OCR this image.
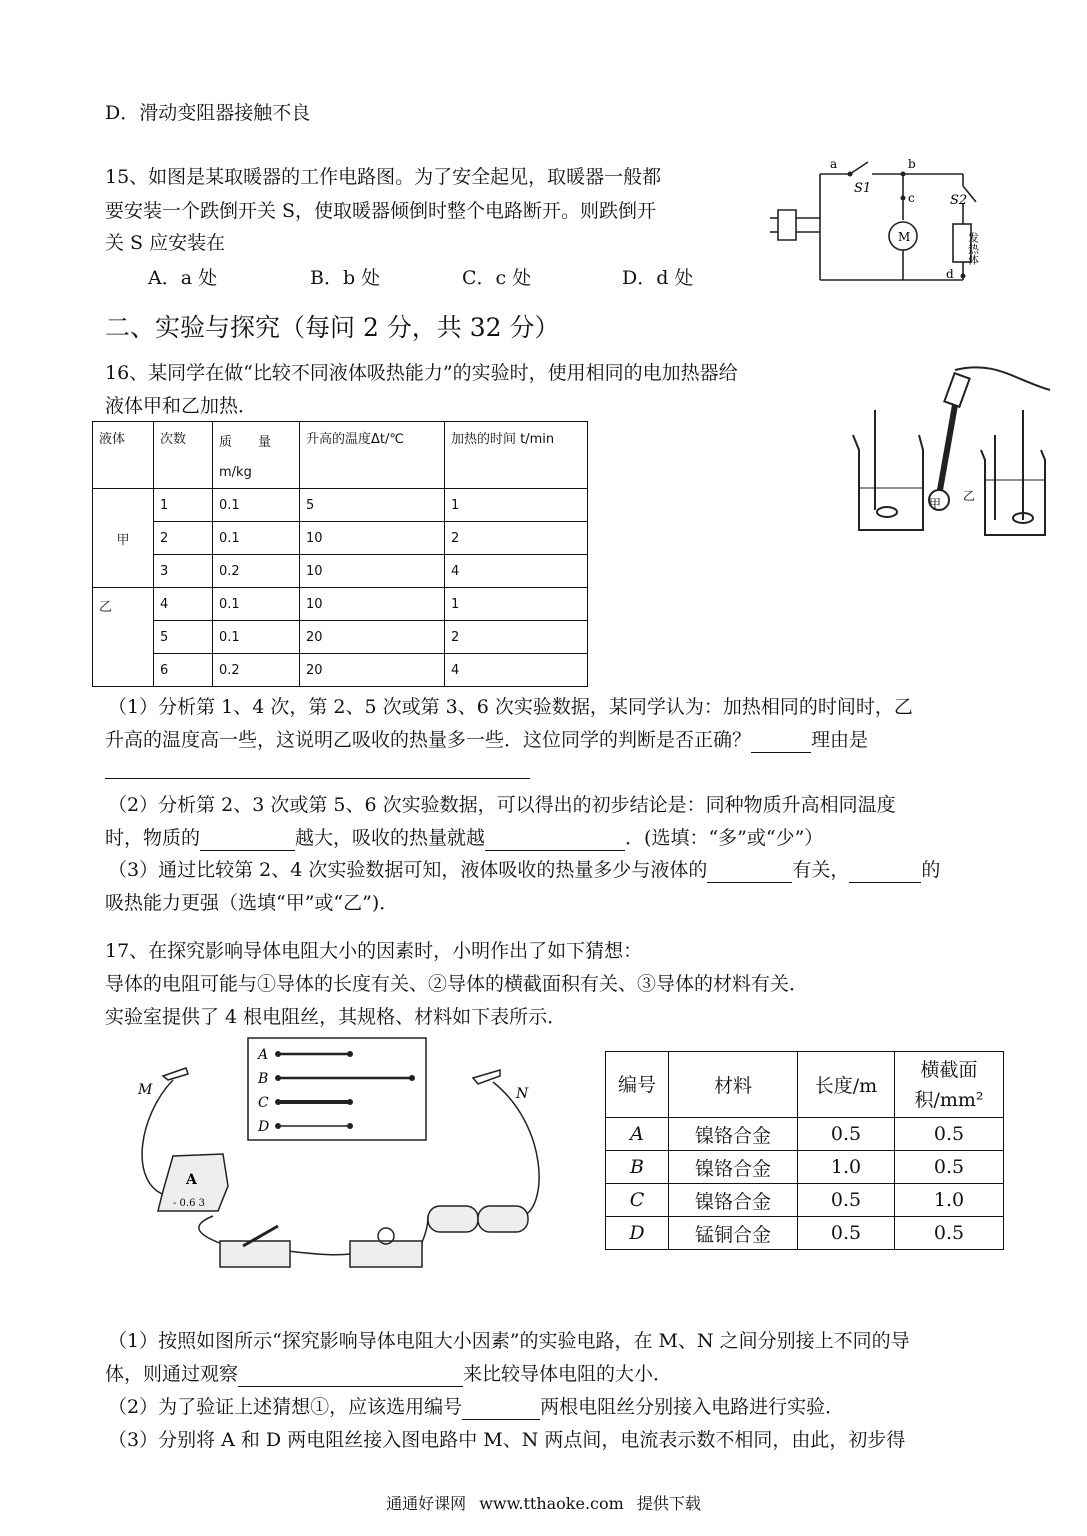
D．滑动变阻器接触不良
15、如图是某取暖器的工作电路图。为了安全起见，取暖器一般都
要安装一个跌倒开关 S，使取暖器倾倒时整个电路断开。则跌倒开
关 S 应安装在
A．a 处	B．b 处	C．c 处	D．d 处
a	b
c
d
S1
S2
M	发热体
二、实验与探究（每问 2 分，共 32 分）
16、某同学在做“比较不同液体吸热能力”的实验时，使用相同的电加热器给
液体甲和乙加热．
甲
乙
液体	次数	质　　量
m/kg	升高的温度Δt/℃	加热的时间 t/min
甲	1	0.1	5	1
	2	0.1	10	2
	3	0.2	10	4
乙	4	0.1	10	1
	5	0.1	20	2
	6	0.2	20	4
（1）分析第 1、4 次，第 2、5 次或第 3、6 次实验数据，某同学认为：加热相同的时间时，乙
升高的温度高一些，这说明乙吸收的热量多一些．这位同学的判断是否正确？	理由是
（2）分析第 2、3 次或第 5、6 次实验数据，可以得出的初步结论是：同种物质升高相同温度
时，物质的	越大，吸收的热量就越	．(选填：“多”或“少”）
（3）通过比较第 2、4 次实验数据可知，液体吸收的热量多少与液体的	有关，	的
吸热能力更强（选填“甲”或“乙”)．
17、在探究影响导体电阻大小的因素时，小明作出了如下猜想：
导体的电阻可能与①导体的长度有关、②导体的横截面积有关、③导体的材料有关．
实验室提供了 4 根电阻丝，其规格、材料如下表所示．
A
B
C
D
M	N
A
- 0.6 3
编号	材料	长度/m	横截面积/mm²
A	镍铬合金	0.5	0.5
B	镍铬合金	1.0	0.5
C	镍铬合金	0.5	1.0
D	锰铜合金	0.5	0.5
（1）按照如图所示“探究影响导体电阻大小因素”的实验电路，在 M、N 之间分别接上不同的导
体，则通过观察	来比较导体电阻的大小．
（2）为了验证上述猜想①，应该选用编号	两根电阻丝分别接入电路进行实验．
（3）分别将 A 和 D 两电阻丝接入图电路中 M、N 两点间，电流表示数不相同，由此，初步得
通通好课网 www.tthaoke.com 提供下载
